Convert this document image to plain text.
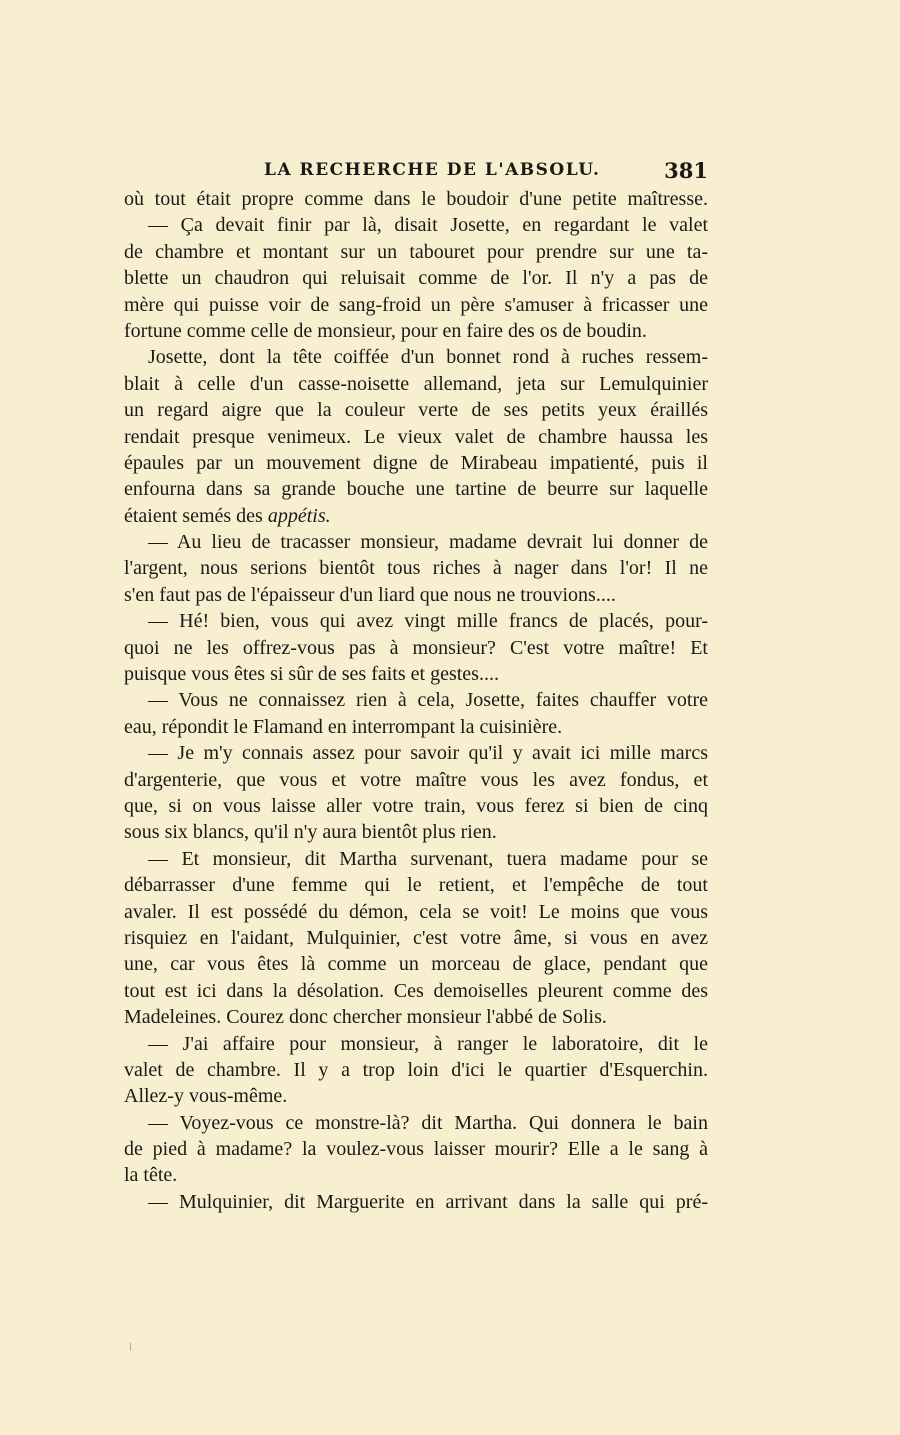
LA RECHERCHE DE L'ABSOLU.	381
où tout était propre comme dans le boudoir d'une petite maîtresse.
— Ça devait finir par là, disait Josette, en regardant le valet
de chambre et montant sur un tabouret pour prendre sur une ta-
blette un chaudron qui reluisait comme de l'or. Il n'y a pas de
mère qui puisse voir de sang-froid un père s'amuser à fricasser une
fortune comme celle de monsieur, pour en faire des os de boudin.
Josette, dont la tête coiffée d'un bonnet rond à ruches ressem-
blait à celle d'un casse-noisette allemand, jeta sur Lemulquinier
un regard aigre que la couleur verte de ses petits yeux éraillés
rendait presque venimeux. Le vieux valet de chambre haussa les
épaules par un mouvement digne de Mirabeau impatienté, puis il
enfourna dans sa grande bouche une tartine de beurre sur laquelle
étaient semés des appétis.
— Au lieu de tracasser monsieur, madame devrait lui donner de
l'argent, nous serions bientôt tous riches à nager dans l'or! Il ne
s'en faut pas de l'épaisseur d'un liard que nous ne trouvions....
— Hé! bien, vous qui avez vingt mille francs de placés, pour-
quoi ne les offrez-vous pas à monsieur? C'est votre maître! Et
puisque vous êtes si sûr de ses faits et gestes....
— Vous ne connaissez rien à cela, Josette, faites chauffer votre
eau, répondit le Flamand en interrompant la cuisinière.
— Je m'y connais assez pour savoir qu'il y avait ici mille marcs
d'argenterie, que vous et votre maître vous les avez fondus, et
que, si on vous laisse aller votre train, vous ferez si bien de cinq
sous six blancs, qu'il n'y aura bientôt plus rien.
— Et monsieur, dit Martha survenant, tuera madame pour se
débarrasser d'une femme qui le retient, et l'empêche de tout
avaler. Il est possédé du démon, cela se voit! Le moins que vous
risquiez en l'aidant, Mulquinier, c'est votre âme, si vous en avez
une, car vous êtes là comme un morceau de glace, pendant que
tout est ici dans la désolation. Ces demoiselles pleurent comme des
Madeleines. Courez donc chercher monsieur l'abbé de Solis.
— J'ai affaire pour monsieur, à ranger le laboratoire, dit le
valet de chambre. Il y a trop loin d'ici le quartier d'Esquerchin.
Allez-y vous-même.
— Voyez-vous ce monstre-là? dit Martha. Qui donnera le bain
de pied à madame? la voulez-vous laisser mourir? Elle a le sang à
la tête.
— Mulquinier, dit Marguerite en arrivant dans la salle qui pré-
